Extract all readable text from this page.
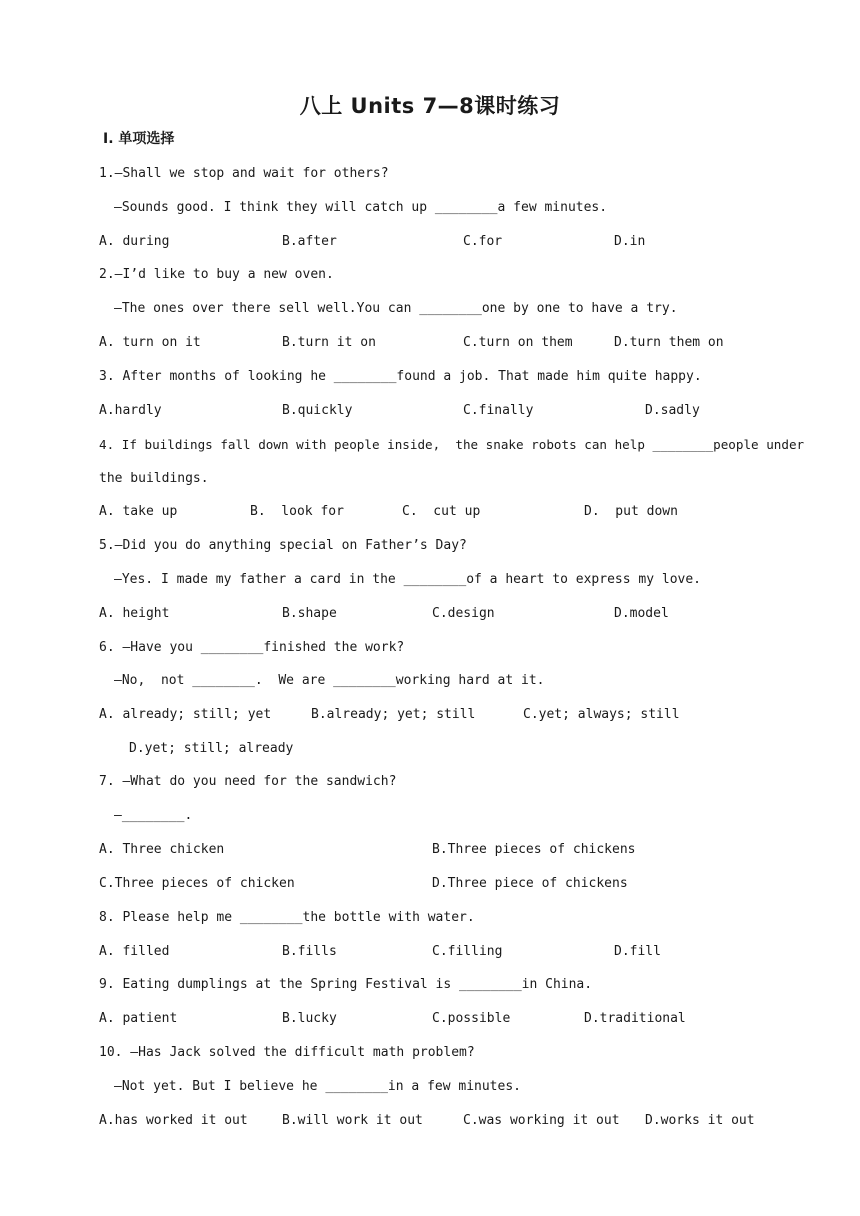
八上 Units 7—8课时练习
Ⅰ. 单项选择
1.—Shall we stop and wait for others?
—Sounds good. I think they will catch up ________a few minutes.
A. during	B.after	C.for	D.in
2.—I’d like to buy a new oven.
—The ones over there sell well.You can ________one by one to have a try.
A. turn on it	B.turn it on	C.turn on them	D.turn them on
3. After months of looking he ________found a job. That made him quite happy.
A.hardly	B.quickly	C.finally	D.sadly
4. If buildings fall down with people inside,  the snake robots can help ________people under
the buildings.
A. take up	B.  look for	C.  cut up	D.  put down
5.—Did you do anything special on Father’s Day?
—Yes. I made my father a card in the ________of a heart to express my love.
A. height	B.shape	C.design	D.model
6. —Have you ________finished the work?
—No,  not ________.  We are ________working hard at it.
A. already; still; yet	B.already; yet; still	C.yet; always; still
D.yet; still; already
7. —What do you need for the sandwich?
—________.
A. Three chicken	B.Three pieces of chickens
C.Three pieces of chicken	D.Three piece of chickens
8. Please help me ________the bottle with water.
A. filled	B.fills	C.filling	D.fill
9. Eating dumplings at the Spring Festival is ________in China.
A. patient	B.lucky	C.possible	D.traditional
10. —Has Jack solved the difficult math problem?
—Not yet. But I believe he ________in a few minutes.
A.has worked it out	B.will work it out	C.was working it out D.works it out
